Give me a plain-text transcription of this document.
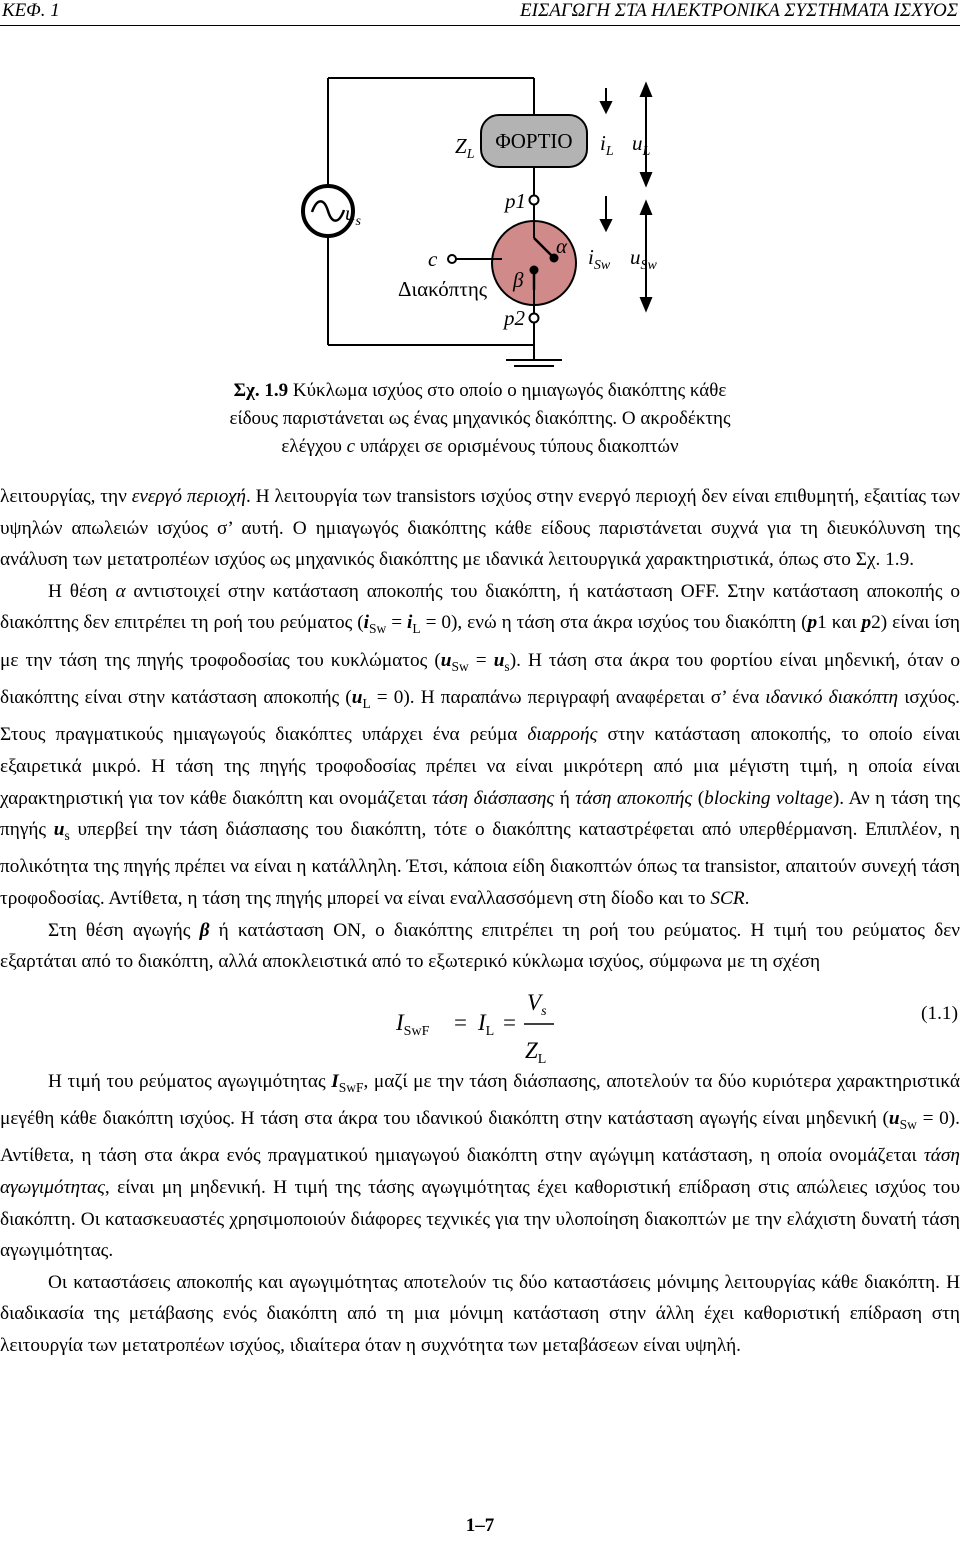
ΚΕΦ. 1	ΕΙΣΑΓΩΓΗ ΣΤΑ ΗΛΕΚΤΡΟΝΙΚΑ ΣΥΣΤΗΜΑΤΑ ΙΣΧΥΟΣ
$Z_L$
ΦΟΡΤΙΟ $i_L$ $u_L$
$u_s$
p1
α
c
Διακόπτης β
p2
$i_{Sw}$ $u_{Sw}$
Σχ. 1.9 Κύκλωμα ισχύος στο οποίο ο ημιαγωγός διακόπτης κάθε
είδους παριστάνεται ως ένας μηχανικός διακόπτης. Ο ακροδέκτης
ελέγχου c υπάρχει σε ορισμένους τύπους διακοπτών
λειτουργίας, την ενεργό περιοχή. Η λειτουργία των transistors ισχύος στην ενεργό περιοχή δεν είναι επιθυμητή, εξαιτίας των υψηλών απωλειών ισχύος σ’ αυτή. Ο ημιαγωγός διακόπτης κάθε είδους παριστάνεται συχνά για τη διευκόλυνση της ανάλυση των μετατροπέων ισχύος ως μηχανικός διακόπτης με ιδανικά λειτουργικά χαρακτηριστικά, όπως στο Σχ. 1.9.
Η θέση α αντιστοιχεί στην κατάσταση αποκοπής του διακόπτη, ή κατάσταση OFF. Στην κατάσταση αποκοπής ο διακόπτης δεν επιτρέπει τη ροή του ρεύματος $(i_{Sw} = i_L = 0)$, ενώ η τάση στα άκρα ισχύος του διακόπτη (p1 και p2) είναι ίση με την τάση της πηγής τροφοδοσίας του κυκλώματος $(u_{Sw} = u_s)$. Η τάση στα άκρα του φορτίου είναι μηδενική, όταν ο διακόπτης είναι στην κατάσταση αποκοπής $(u_L = 0)$. Η παραπάνω περιγραφή αναφέρεται σ’ ένα ιδανικό διακόπτη ισχύος. Στους πραγματικούς ημιαγωγούς διακόπτες υπάρχει ένα ρεύμα διαρροής στην κατάσταση αποκοπής, το οποίο είναι εξαιρετικά μικρό. Η τάση της πηγής τροφοδοσίας πρέπει να είναι μικρότερη από μια μέγιστη τιμή, η οποία είναι χαρακτηριστική για τον κάθε διακόπτη και ονομάζεται τάση διάσπασης ή τάση αποκοπής (blocking voltage). Αν η τάση της πηγής $u_s$ υπερβεί την τάση διάσπασης του διακόπτη, τότε ο διακόπτης καταστρέφεται από υπερθέρμανση. Επιπλέον, η πολικότητα της πηγής πρέπει να είναι η κατάλληλη. Έτσι, κάποια είδη διακοπτών όπως τα transistor, απαιτούν συνεχή τάση τροφοδοσίας. Αντίθετα, η τάση της πηγής μπορεί να είναι εναλλασσόμενη στη δίοδο και το SCR.
Στη θέση αγωγής β ή κατάσταση ON, ο διακόπτης επιτρέπει τη ροή του ρεύματος. Η τιμή του ρεύματος δεν εξαρτάται από το διακόπτη, αλλά αποκλειστικά από το εξωτερικό κύκλωμα ισχύος, σύμφωνα με τη σχέση
$I_{SwF} = I_L$ =
$V_s$
$Z_L$
(1.1)
Η τιμή του ρεύματος αγωγιμότητας $I_{SwF}$, μαζί με την τάση διάσπασης, αποτελούν τα δύο κυριότερα χαρακτηριστικά μεγέθη κάθε διακόπτη ισχύος. Η τάση στα άκρα του ιδανικού διακόπτη στην κατάσταση αγωγής είναι μηδενική $(u_{Sw} = 0)$. Αντίθετα, η τάση στα άκρα ενός πραγματικού ημιαγωγού διακόπτη στην αγώγιμη κατάσταση, η οποία ονομάζεται τάση αγωγιμότητας, είναι μη μηδενική. Η τιμή της τάσης αγωγιμότητας έχει καθοριστική επίδραση στις απώλειες ισχύος του διακόπτη. Οι κατασκευαστές χρησιμοποιούν διάφορες τεχνικές για την υλοποίηση διακοπτών με την ελάχιστη δυνατή τάση αγωγιμότητας.
Οι καταστάσεις αποκοπής και αγωγιμότητας αποτελούν τις δύο καταστάσεις μόνιμης λειτουργίας κάθε διακόπτη. Η διαδικασία της μετάβασης ενός διακόπτη από τη μια μόνιμη κατάσταση στην άλλη έχει καθοριστική επίδραση στη λειτουργία των μετατροπέων ισχύος, ιδιαίτερα όταν η συχνότητα των μεταβάσεων είναι υψηλή.
1–7
